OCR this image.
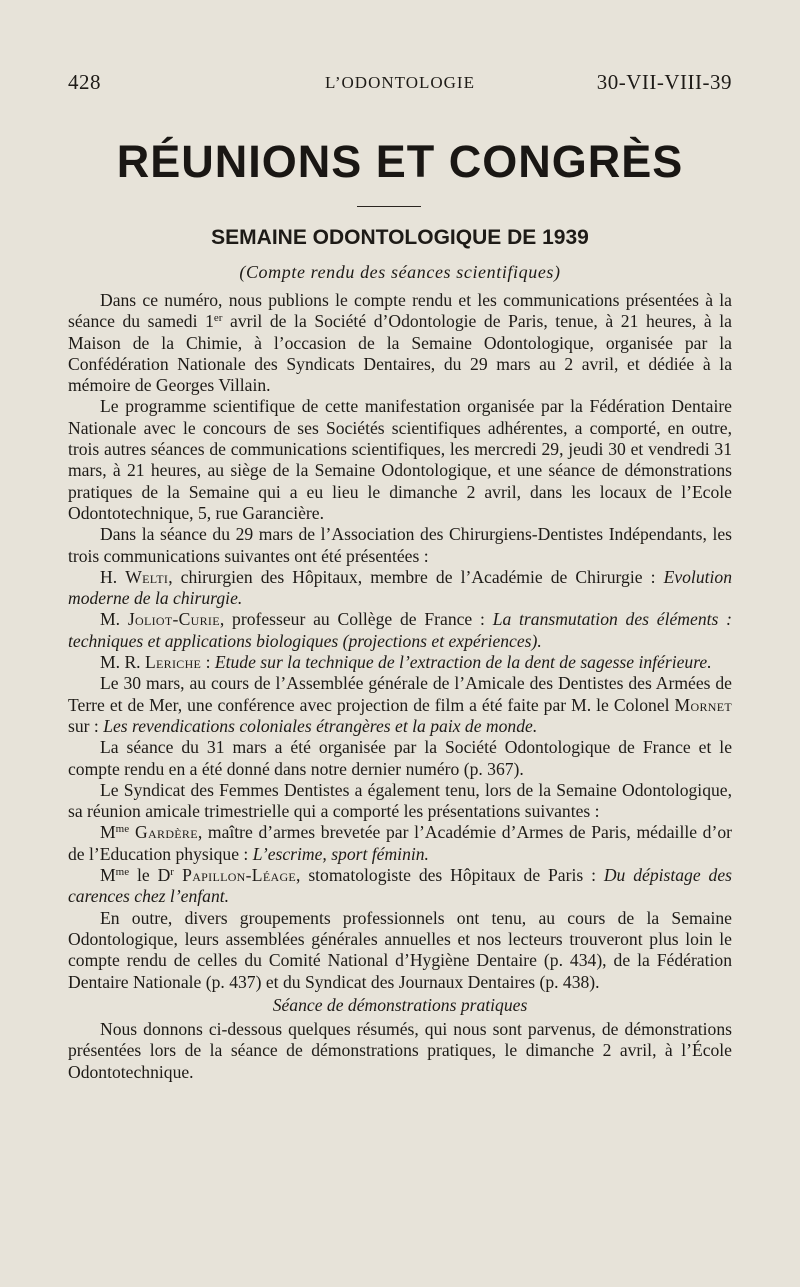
428	L’ODONTOLOGIE	30-VII-VIII-39
RÉUNIONS ET CONGRÈS
SEMAINE ODONTOLOGIQUE DE 1939
(Compte rendu des séances scientifiques)

Dans ce numéro, nous publions le compte rendu et les communications présentées à la séance du samedi 1er avril de la Société d’Odontologie de Paris, tenue, à 21 heures, à la Maison de la Chimie, à l’occasion de la Semaine Odontologique, organisée par la Confédération Nationale des Syndicats Dentaires, du 29 mars au 2 avril, et dédiée à la mémoire de Georges Villain.

Le programme scientifique de cette manifestation organisée par la Fédération Dentaire Nationale avec le concours de ses Sociétés scientifiques adhérentes, a comporté, en outre, trois autres séances de communications scientifiques, les mercredi 29, jeudi 30 et vendredi 31 mars, à 21 heures, au siège de la Semaine Odontologique, et une séance de démonstrations pratiques de la Semaine qui a eu lieu le dimanche 2 avril, dans les locaux de l’Ecole Odontotechnique, 5, rue Garancière.

Dans la séance du 29 mars de l’Association des Chirurgiens-Dentistes Indépendants, les trois communications suivantes ont été présentées :

H. Welti, chirurgien des Hôpitaux, membre de l’Académie de Chirurgie : Evolution moderne de la chirurgie.

M. Joliot-Curie, professeur au Collège de France : La transmutation des éléments : techniques et applications biologiques (projections et expériences).

M. R. Leriche : Etude sur la technique de l’extraction de la dent de sagesse inférieure.

Le 30 mars, au cours de l’Assemblée générale de l’Amicale des Dentistes des Armées de Terre et de Mer, une conférence avec projection de film a été faite par M. le Colonel Mornet sur : Les revendications coloniales étrangères et la paix de monde.

La séance du 31 mars a été organisée par la Société Odontologique de France et le compte rendu en a été donné dans notre dernier numéro (p. 367).

Le Syndicat des Femmes Dentistes a également tenu, lors de la Semaine Odontologique, sa réunion amicale trimestrielle qui a comporté les présentations suivantes :

$M^{me}$ Gardère, maître d’armes brevetée par l’Académie d’Armes de Paris, médaille d’or de l’Education physique : L’escrime, sport féminin.

$M^{me}$ le $D^r$ Papillon-Léage, stomatologiste des Hôpitaux de Paris : Du dépistage des carences chez l’enfant.

En outre, divers groupements professionnels ont tenu, au cours de la Semaine Odontologique, leurs assemblées générales annuelles et nos lecteurs trouveront plus loin le compte rendu de celles du Comité National d’Hygiène Dentaire (p. 434), de la Fédération Dentaire Nationale (p. 437) et du Syndicat des Journaux Dentaires (p. 438).

Séance de démonstrations pratiques

Nous donnons ci-dessous quelques résumés, qui nous sont parvenus, de démonstrations présentées lors de la séance de démonstrations pratiques, le dimanche 2 avril, à l’École Odontotechnique.
